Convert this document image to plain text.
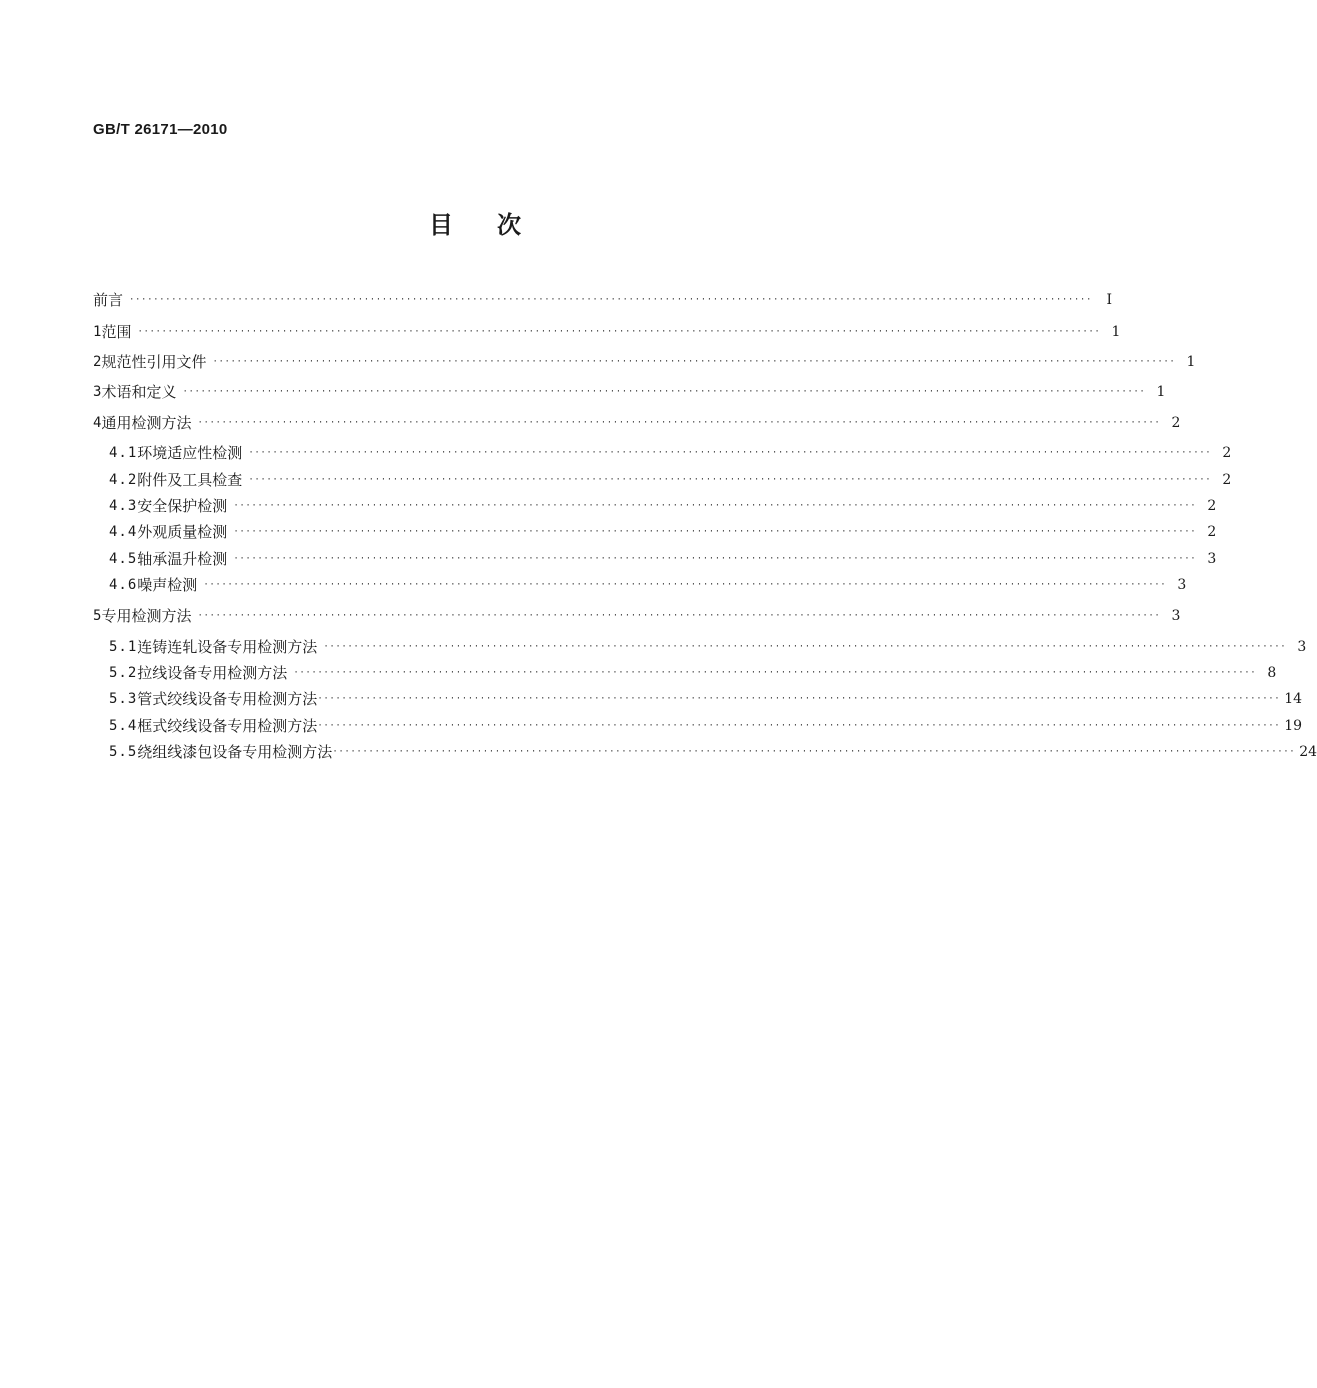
GB/T 26171—2010
目次
前言 ································································································································································	Ⅰ
1 范围 ································································································································································ 1
2 规范性引用文件 ································································································································································ 1
3 术语和定义 ································································································································································ 1
4 通用检测方法 ································································································································································ 2
4.1 环境适应性检测 ································································································································································ 2
4.2 附件及工具检查 ································································································································································ 2
4.3 安全保护检测 ································································································································································ 2
4.4 外观质量检测 ································································································································································ 2
4.5 轴承温升检测 ································································································································································ 3
4.6 噪声检测 ································································································································································ 3
5 专用检测方法 ································································································································································ 3
5.1 连铸连轧设备专用检测方法 ································································································································································ 3
5.2 拉线设备专用检测方法 ································································································································································ 8
5.3 管式绞线设备专用检测方法 ································································································································································ 14
5.4 框式绞线设备专用检测方法 ································································································································································ 19
5.5 绕组线漆包设备专用检测方法 ································································································································································ 24
